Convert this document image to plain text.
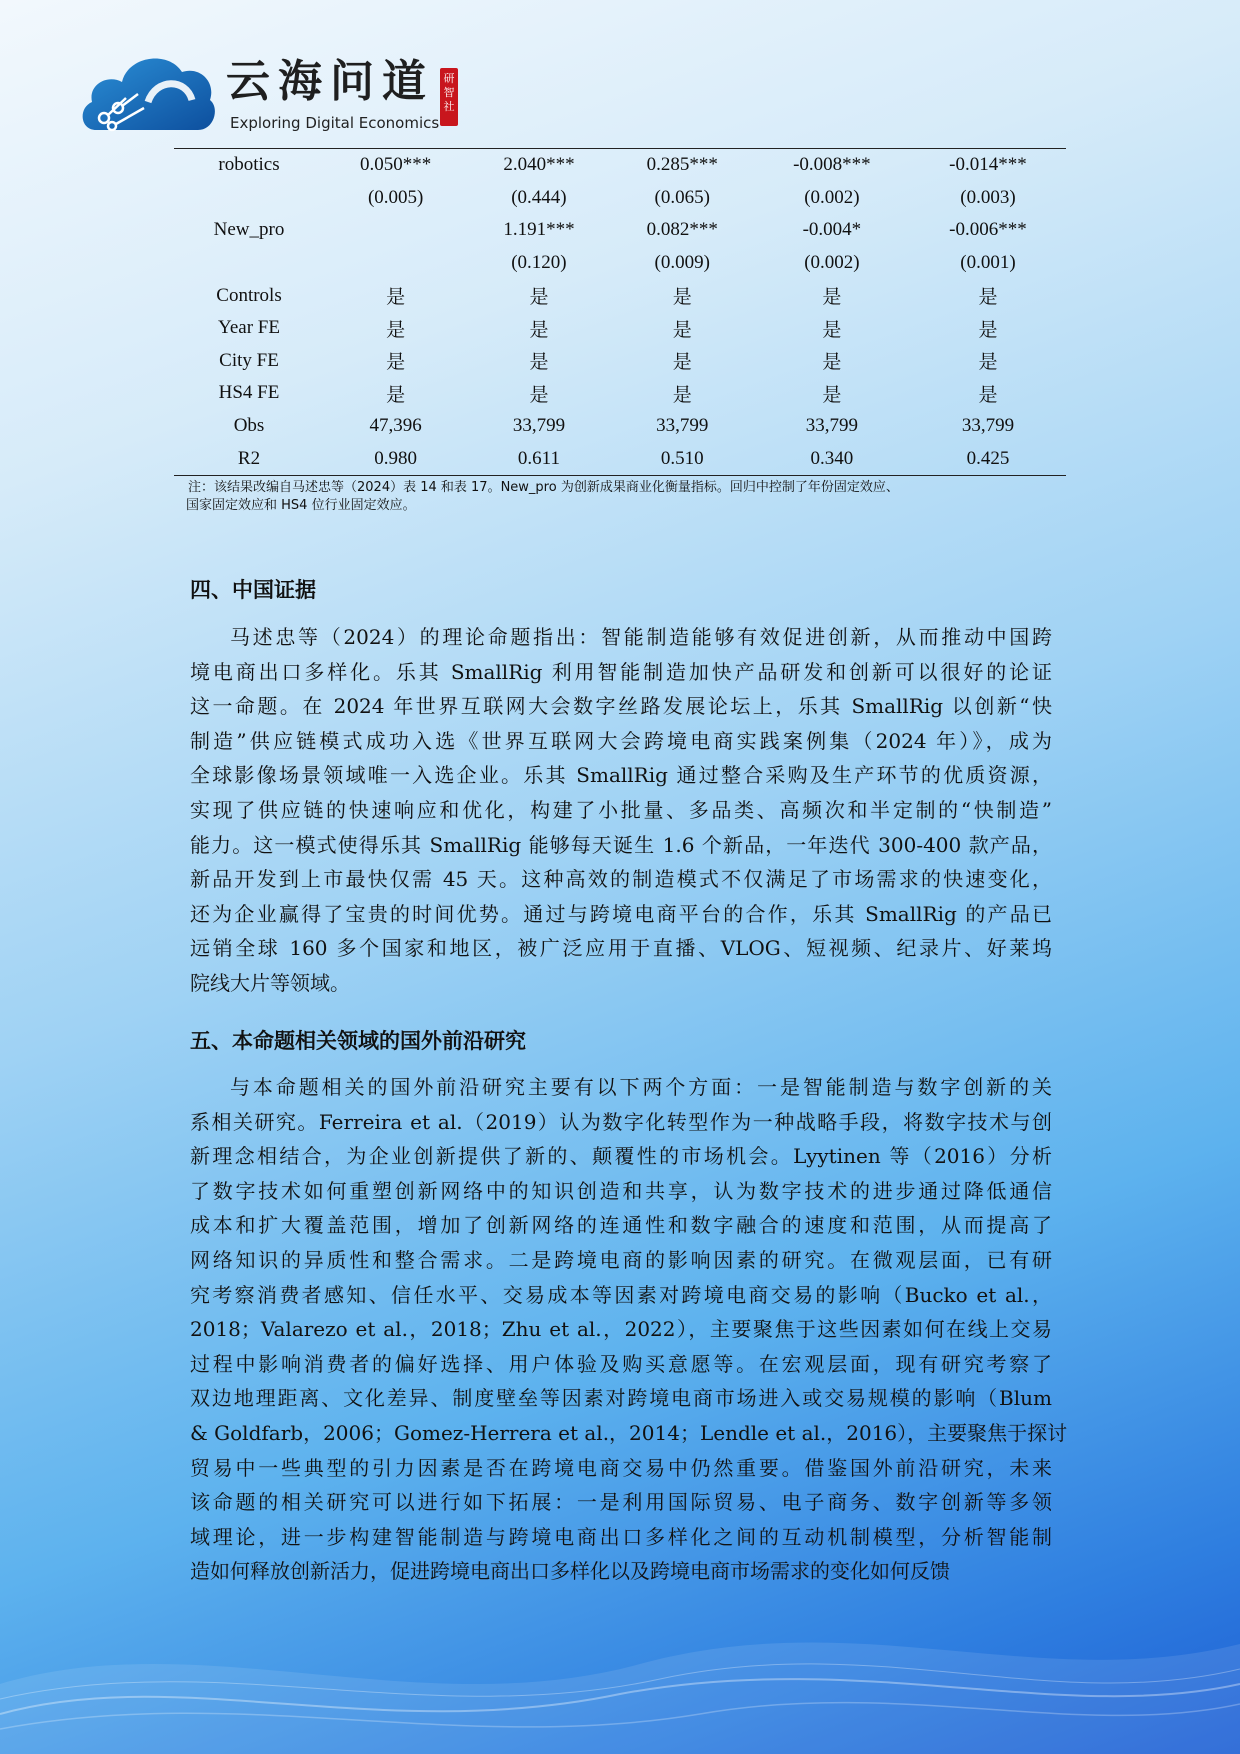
云海问道
Exploring Digital Economics
研智社
robotics	0.050***	2.040***	0.285***	-0.008***	-0.014***
	(0.005)	(0.444)	(0.065)	(0.002)	(0.003)
New_pro		1.191***	0.082***	-0.004*	-0.006***
		(0.120)	(0.009)	(0.002)	(0.001)
Controls	是	是	是	是	是
Year FE	是	是	是	是	是
City FE	是	是	是	是	是
HS4 FE	是	是	是	是	是
Obs	47,396	33,799	33,799	33,799	33,799
R2	0.980	0.611	0.510	0.340	0.425
注：该结果改编自马述忠等（2024）表 14 和表 17。New_pro 为创新成果商业化衡量指标。回归中控制了年份固定效应、
国家固定效应和 HS4 位行业固定效应。
四、中国证据
马述忠等（2024）的理论命题指出：智能制造能够有效促进创新，从而推动中国跨
境电商出口多样化。乐其 SmallRig 利用智能制造加快产品研发和创新可以很好的论证
这一命题。在 2024 年世界互联网大会数字丝路发展论坛上，乐其 SmallRig 以创新“快
制造”供应链模式成功入选《世界互联网大会跨境电商实践案例集（2024 年）》，成为
全球影像场景领域唯一入选企业。乐其 SmallRig 通过整合采购及生产环节的优质资源，
实现了供应链的快速响应和优化，构建了小批量、多品类、高频次和半定制的“快制造”
能力。这一模式使得乐其 SmallRig 能够每天诞生 1.6 个新品，一年迭代 300-400 款产品，
新品开发到上市最快仅需 45 天。这种高效的制造模式不仅满足了市场需求的快速变化，
还为企业赢得了宝贵的时间优势。通过与跨境电商平台的合作，乐其 SmallRig 的产品已
远销全球 160 多个国家和地区，被广泛应用于直播、VLOG、短视频、纪录片、好莱坞
院线大片等领域。
五、本命题相关领域的国外前沿研究
与本命题相关的国外前沿研究主要有以下两个方面：一是智能制造与数字创新的关
系相关研究。Ferreira et al.（2019）认为数字化转型作为一种战略手段，将数字技术与创
新理念相结合，为企业创新提供了新的、颠覆性的市场机会。Lyytinen 等（2016）分析
了数字技术如何重塑创新网络中的知识创造和共享，认为数字技术的进步通过降低通信
成本和扩大覆盖范围，增加了创新网络的连通性和数字融合的速度和范围，从而提高了
网络知识的异质性和整合需求。二是跨境电商的影响因素的研究。在微观层面，已有研
究考察消费者感知、信任水平、交易成本等因素对跨境电商交易的影响（Bucko et al.，
2018；Valarezo et al.，2018；Zhu et al.，2022），主要聚焦于这些因素如何在线上交易
过程中影响消费者的偏好选择、用户体验及购买意愿等。在宏观层面，现有研究考察了
双边地理距离、文化差异、制度壁垒等因素对跨境电商市场进入或交易规模的影响（Blum
& Goldfarb，2006；Gomez-Herrera et al.，2014；Lendle et al.，2016），主要聚焦于探讨
贸易中一些典型的引力因素是否在跨境电商交易中仍然重要。借鉴国外前沿研究，未来
该命题的相关研究可以进行如下拓展：一是利用国际贸易、电子商务、数字创新等多领
域理论，进一步构建智能制造与跨境电商出口多样化之间的互动机制模型，分析智能制
造如何释放创新活力，促进跨境电商出口多样化以及跨境电商市场需求的变化如何反馈
